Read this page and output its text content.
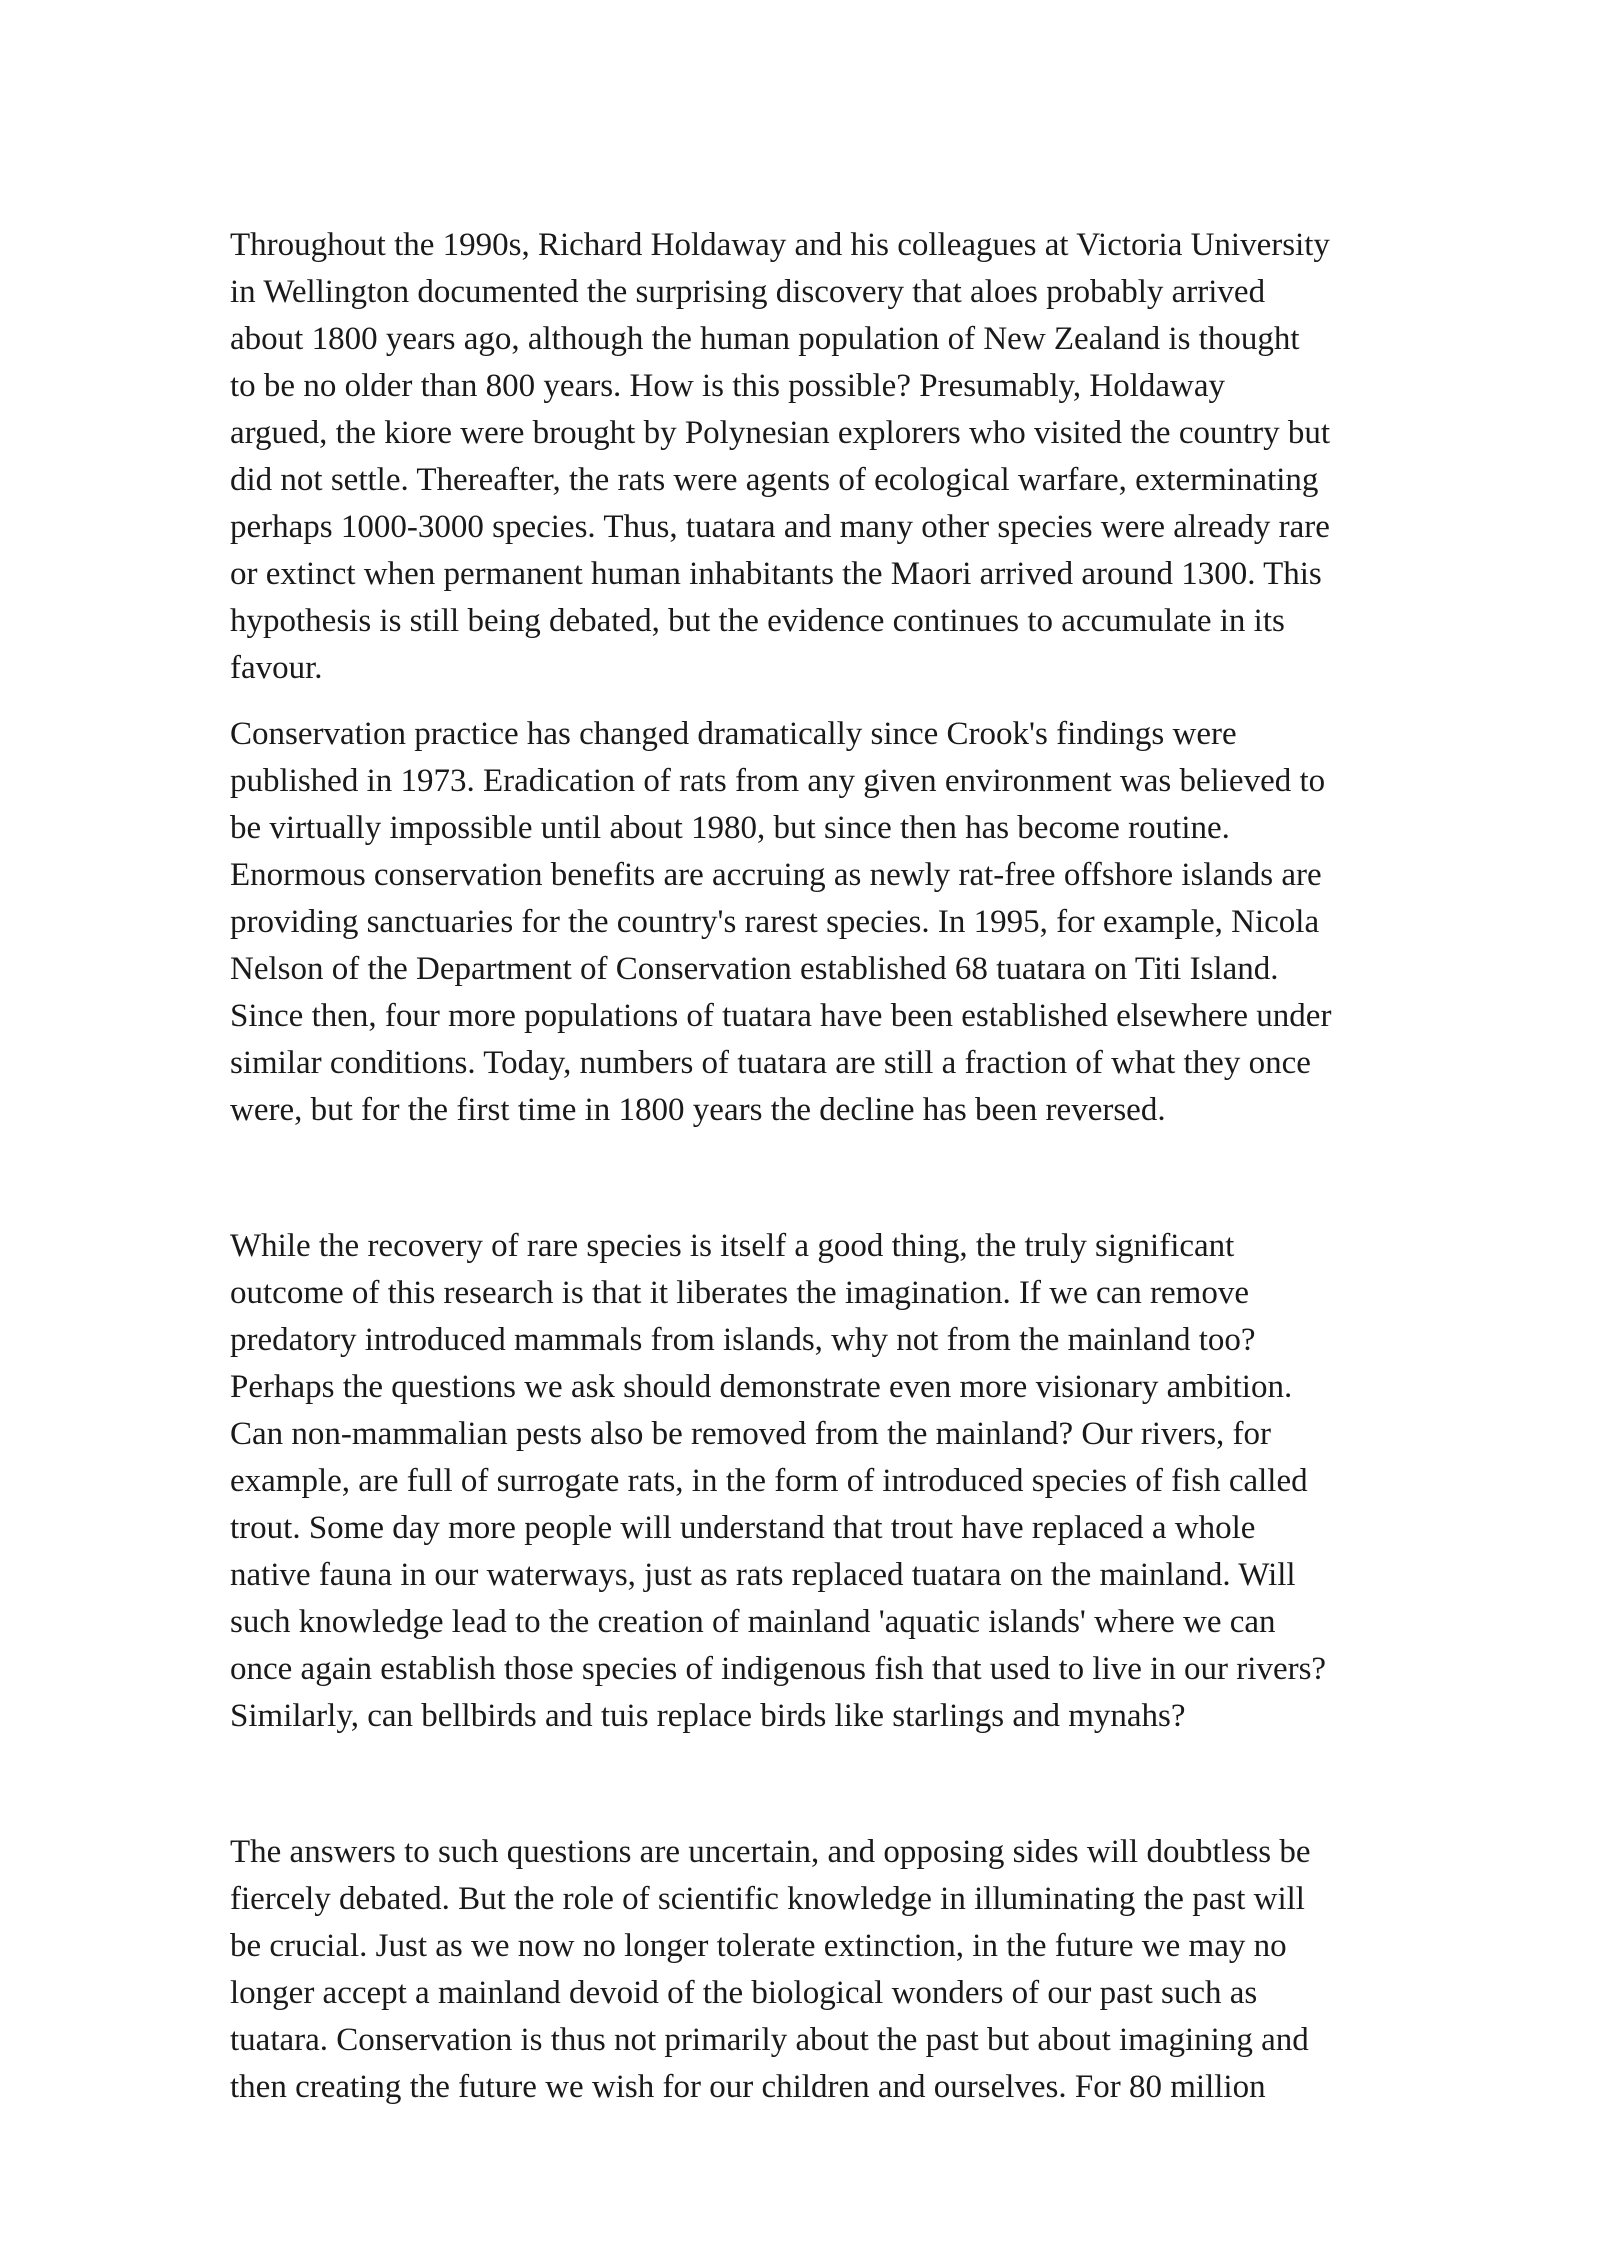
Throughout the 1990s, Richard Holdaway and his colleagues at Victoria University
in Wellington documented the surprising discovery that aloes probably arrived
about 1800 years ago, although the human population of New Zealand is thought
to be no older than 800 years. How is this possible? Presumably, Holdaway
argued, the kiore were brought by Polynesian explorers who visited the country but
did not settle. Thereafter, the rats were agents of ecological warfare, exterminating
perhaps 1000-3000 species. Thus, tuatara and many other species were already rare
or extinct when permanent human inhabitants the Maori arrived around 1300. This
hypothesis is still being debated, but the evidence continues to accumulate in its
favour.
Conservation practice has changed dramatically since Crook's findings were
published in 1973. Eradication of rats from any given environment was believed to
be virtually impossible until about 1980, but since then has become routine.
Enormous conservation benefits are accruing as newly rat-free offshore islands are
providing sanctuaries for the country's rarest species. In 1995, for example, Nicola
Nelson of the Department of Conservation established 68 tuatara on Titi Island.
Since then, four more populations of tuatara have been established elsewhere under
similar conditions. Today, numbers of tuatara are still a fraction of what they once
were, but for the first time in 1800 years the decline has been reversed.
While the recovery of rare species is itself a good thing, the truly significant
outcome of this research is that it liberates the imagination. If we can remove
predatory introduced mammals from islands, why not from the mainland too?
Perhaps the questions we ask should demonstrate even more visionary ambition.
Can non-mammalian pests also be removed from the mainland? Our rivers, for
example, are full of surrogate rats, in the form of introduced species of fish called
trout. Some day more people will understand that trout have replaced a whole
native fauna in our waterways, just as rats replaced tuatara on the mainland. Will
such knowledge lead to the creation of mainland 'aquatic islands' where we can
once again establish those species of indigenous fish that used to live in our rivers?
Similarly, can bellbirds and tuis replace birds like starlings and mynahs?
The answers to such questions are uncertain, and opposing sides will doubtless be
fiercely debated. But the role of scientific knowledge in illuminating the past will
be crucial. Just as we now no longer tolerate extinction, in the future we may no
longer accept a mainland devoid of the biological wonders of our past such as
tuatara. Conservation is thus not primarily about the past but about imagining and
then creating the future we wish for our children and ourselves. For 80 million
